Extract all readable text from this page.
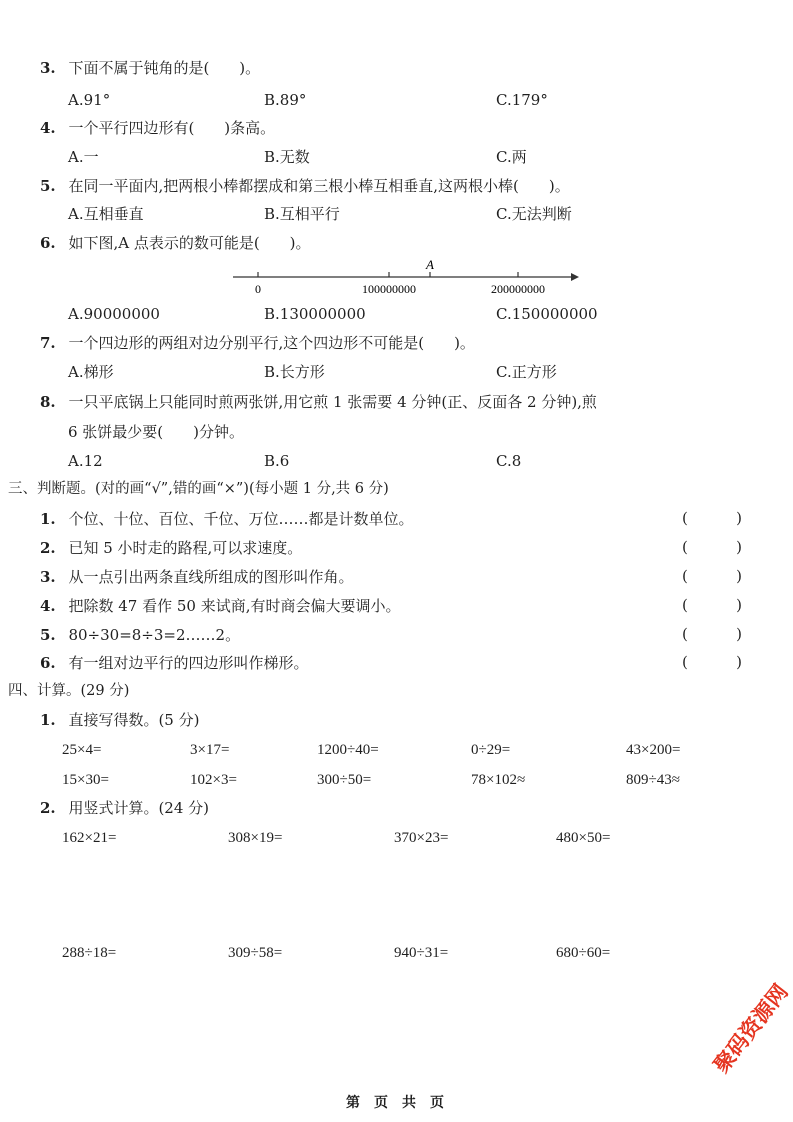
3. 下面不属于钝角的是(　　)。
A.91°	B.89°	C.179°
4. 一个平行四边形有(　　)条高。
A.一	B.无数	C.两
5. 在同一平面内,把两根小棒都摆成和第三根小棒互相垂直,这两根小棒(　　)。
A.互相垂直	B.互相平行	C.无法判断
6. 如下图,A 点表示的数可能是(　　)。
A
0	100000000	200000000
A.90000000	B.130000000	C.150000000
7. 一个四边形的两组对边分别平行,这个四边形不可能是(　　)。
A.梯形	B.长方形	C.正方形
8. 一只平底锅上只能同时煎两张饼,用它煎 1 张需要 4 分钟(正、反面各 2 分钟),煎
6 张饼最少要(　　)分钟。
A.12	B.6	C.8
三、判断题。(对的画“√”,错的画“×”)(每小题 1 分,共 6 分)
1. 个位、十位、百位、千位、万位……都是计数单位。	(	)
2. 已知 5 小时走的路程,可以求速度。	(	)
3. 从一点引出两条直线所组成的图形叫作角。	(	)
4. 把除数 47 看作 50 来试商,有时商会偏大要调小。	(	)
5. 80÷30=8÷3=2……2。	(	)
6. 有一组对边平行的四边形叫作梯形。	(	)
四、计算。(29 分)
1. 直接写得数。(5 分)
25×4=	3×17=	1200÷40=	0÷29=	43×200=
15×30=	102×3=	300÷50=	78×102≈	809÷43≈
2. 用竖式计算。(24 分)
162×21=	308×19=	370×23=	480×50=
288÷18=	309÷58=	940÷31=	680÷60=
聚码资源网
第　页　共　页
